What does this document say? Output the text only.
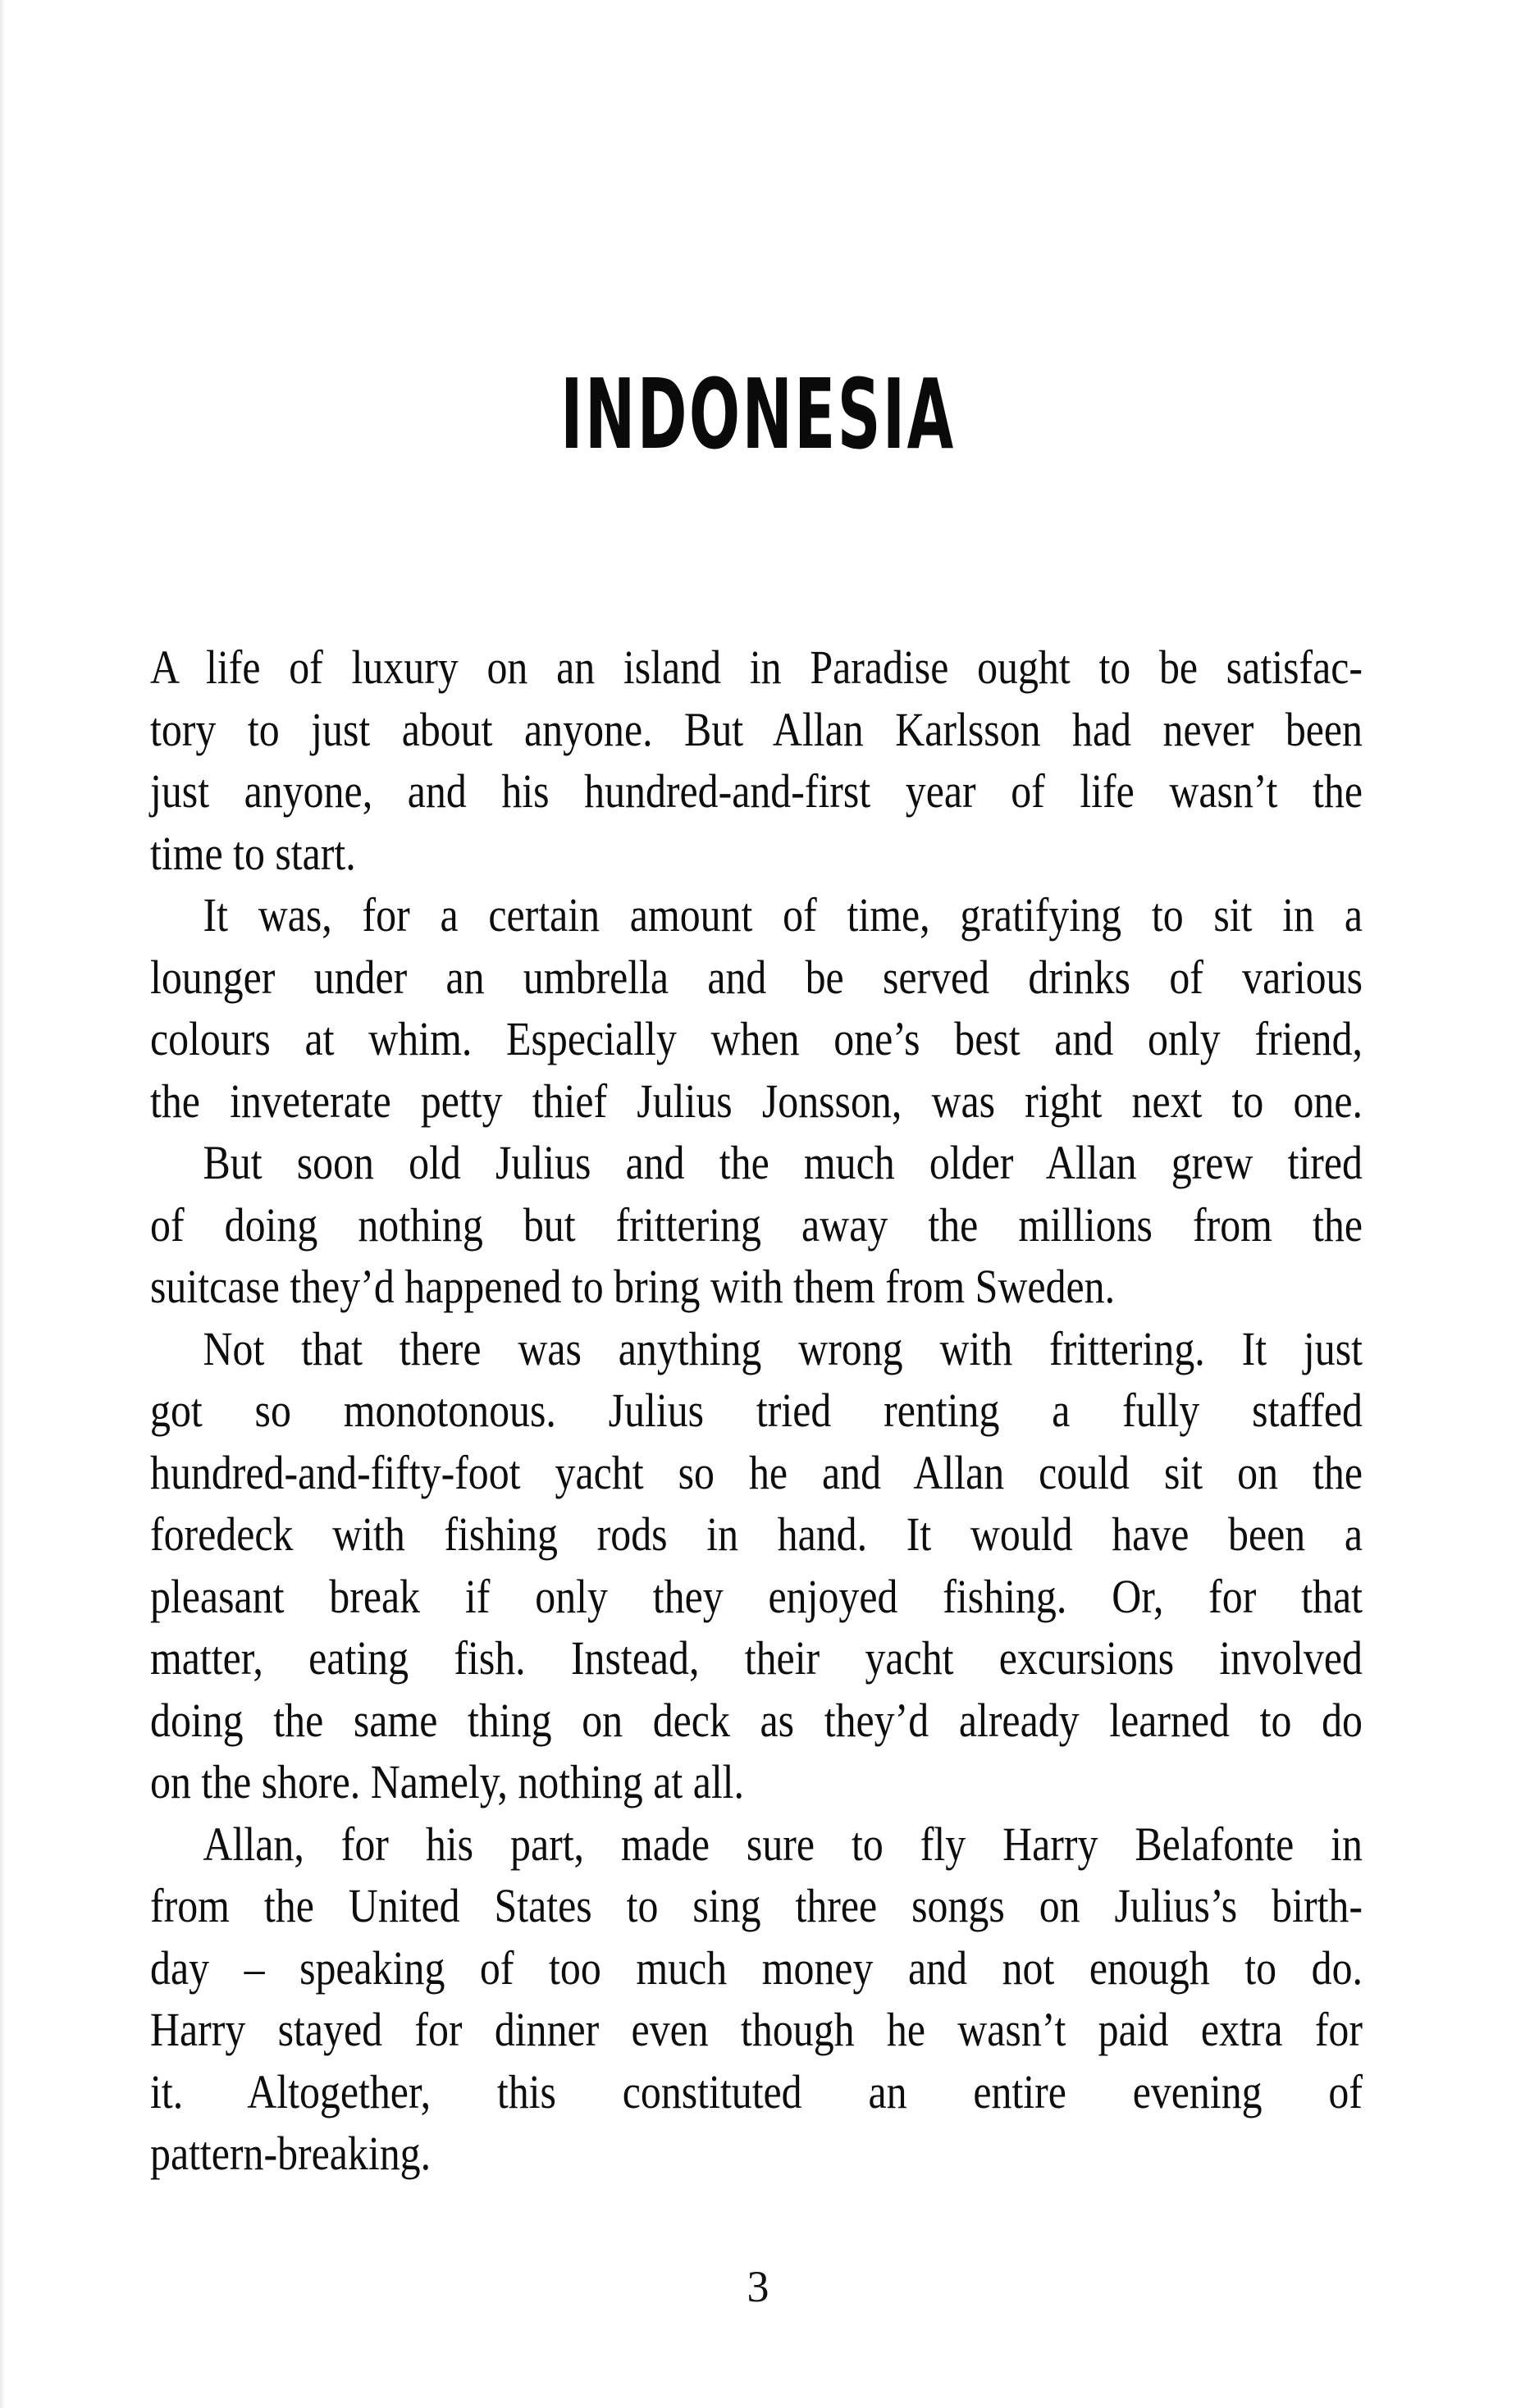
INDONESIA
A life of luxury on an island in Paradise ought to be satisfac-
tory to just about anyone. But Allan Karlsson had never been
just anyone, and his hundred-and-first year of life wasn’t the
time to start.
It was, for a certain amount of time, gratifying to sit in a
lounger under an umbrella and be served drinks of various
colours at whim. Especially when one’s best and only friend,
the inveterate petty thief Julius Jonsson, was right next to one.
But soon old Julius and the much older Allan grew tired
of doing nothing but frittering away the millions from the
suitcase they’d happened to bring with them from Sweden.
Not that there was anything wrong with frittering. It just
got so monotonous. Julius tried renting a fully staffed
hundred-and-fifty-foot yacht so he and Allan could sit on the
foredeck with fishing rods in hand. It would have been a
pleasant break if only they enjoyed fishing. Or, for that
matter, eating fish. Instead, their yacht excursions involved
doing the same thing on deck as they’d already learned to do
on the shore. Namely, nothing at all.
Allan, for his part, made sure to fly Harry Belafonte in
from the United States to sing three songs on Julius’s birth-
day – speaking of too much money and not enough to do.
Harry stayed for dinner even though he wasn’t paid extra for
it. Altogether, this constituted an entire evening of
pattern-breaking.
3
